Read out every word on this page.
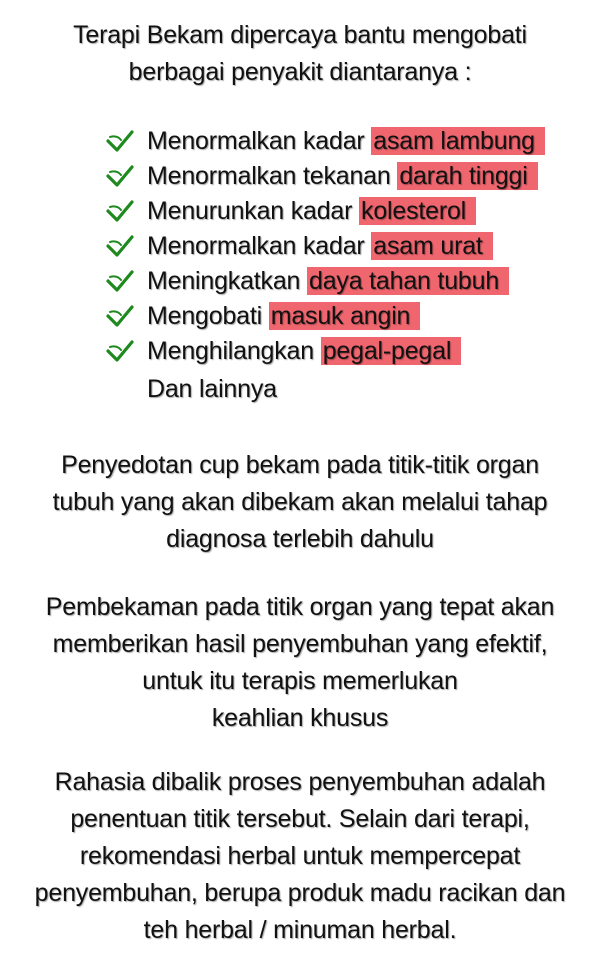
Terapi Bekam dipercaya bantu mengobati
berbagai penyakit diantaranya :
Menormalkan kadar asam lambung
Menormalkan tekanan darah tinggi
Menurunkan kadar kolesterol
Menormalkan kadar asam urat
Meningkatkan daya tahan tubuh
Mengobati masuk angin
Menghilangkan pegal-pegal
Dan lainnya
Penyedotan cup bekam pada titik-titik organ
tubuh yang akan dibekam akan melalui tahap
diagnosa terlebih dahulu
Pembekaman pada titik organ yang tepat akan
memberikan hasil penyembuhan yang efektif,
untuk itu terapis memerlukan
keahlian khusus
Rahasia dibalik proses penyembuhan adalah
penentuan titik tersebut. Selain dari terapi,
rekomendasi herbal untuk mempercepat
penyembuhan, berupa produk madu racikan dan
teh herbal / minuman herbal.
